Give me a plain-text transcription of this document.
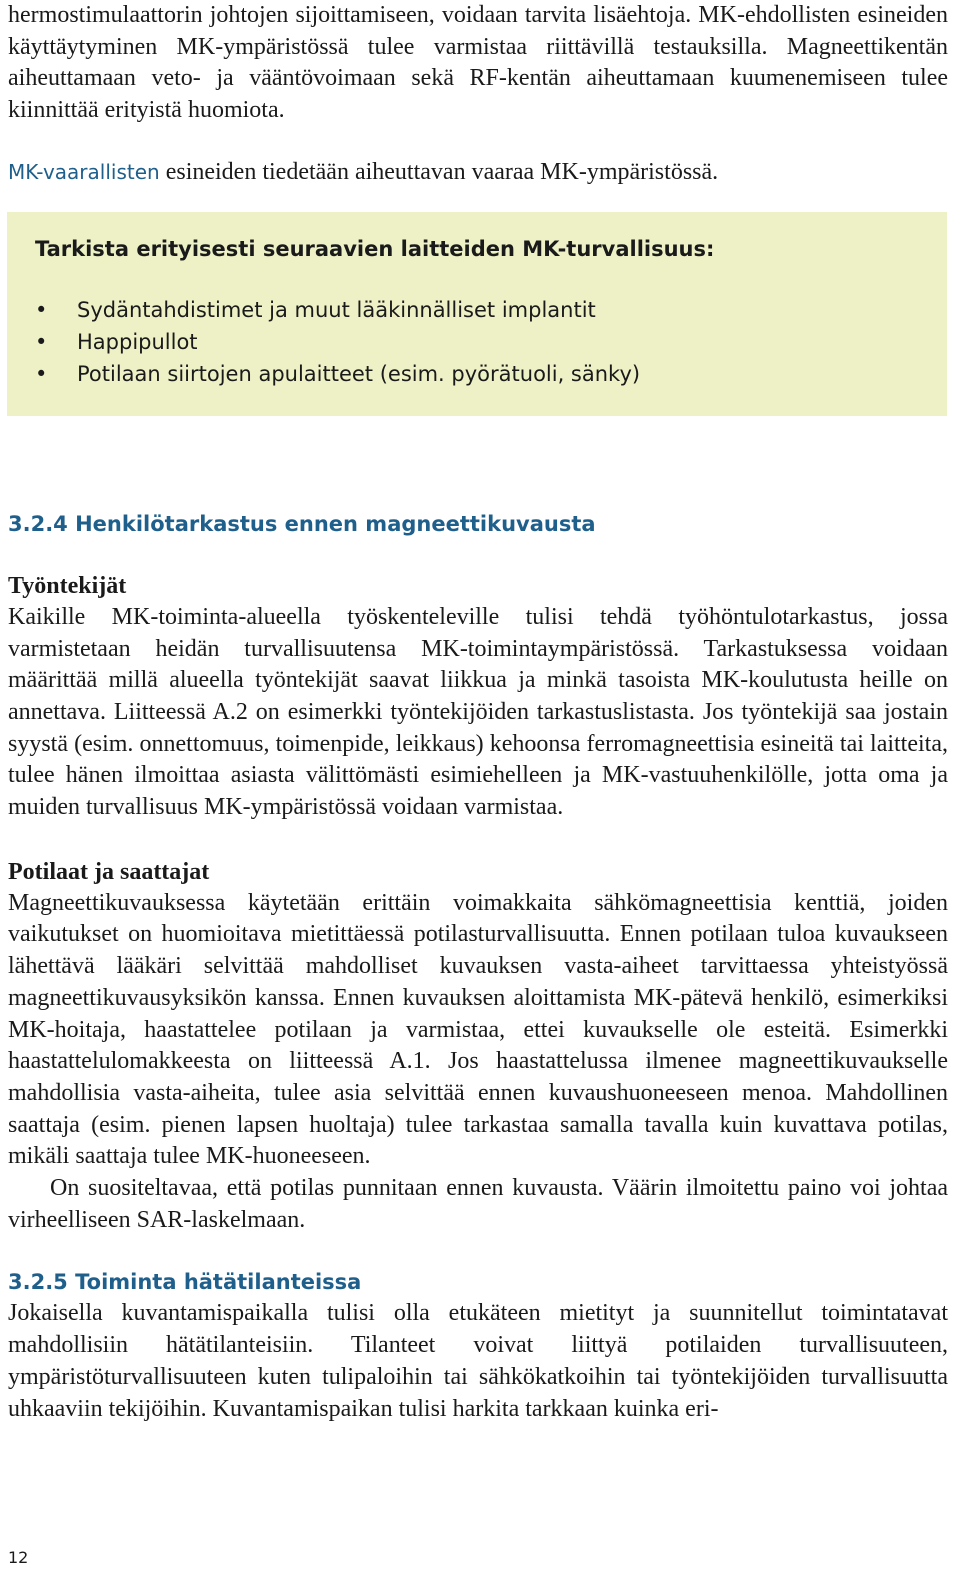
hermostimulaattorin johtojen sijoittamiseen, voidaan tarvita lisäehtoja. MK-ehdollisten esineiden käyttäytyminen MK-ympäristössä tulee varmistaa riittävillä testauksilla. Magneettikentän aiheuttamaan veto- ja vääntövoimaan sekä RF-kentän aiheuttamaan kuumenemiseen tulee kiinnittää erityistä huomiota.

MK-vaarallisten esineiden tiedetään aiheuttavan vaaraa MK-ympäristössä.

Tarkista erityisesti seuraavien laitteiden MK-turvallisuus:
• Sydäntahdistimet ja muut lääkinnälliset implantit
• Happipullot
• Potilaan siirtojen apulaitteet (esim. pyörätuoli, sänky)
3.2.4 Henkilötarkastus ennen magneettikuvausta
Työntekijät

Kaikille MK-toiminta-alueella työskenteleville tulisi tehdä työhöntulotarkastus, jossa varmistetaan heidän turvallisuutensa MK-toimintaympäristössä. Tarkastuksessa voidaan määrittää millä alueella työntekijät saavat liikkua ja minkä tasoista MK-koulutusta heille on annettava. Liitteessä A.2 on esimerkki työntekijöiden tarkastuslistasta. Jos työntekijä saa jostain syystä (esim. onnettomuus, toimenpide, leikkaus) kehoonsa ferromagneettisia esineitä tai laitteita, tulee hänen ilmoittaa asiasta välittömästi esimiehelleen ja MK-vastuuhenkilölle, jotta oma ja muiden turvallisuus MK-ympäristössä voidaan varmistaa.

Potilaat ja saattajat

Magneettikuvauksessa käytetään erittäin voimakkaita sähkömagneettisia kenttiä, joiden vaikutukset on huomioitava mietittäessä potilasturvallisuutta. Ennen potilaan tuloa kuvaukseen lähettävä lääkäri selvittää mahdolliset kuvauksen vasta-aiheet tarvittaessa yhteistyössä magneettikuvausyksikön kanssa. Ennen kuvauksen aloittamista MK-pätevä henkilö, esimerkiksi MK-hoitaja, haastattelee potilaan ja varmistaa, ettei kuvaukselle ole esteitä. Esimerkki haastattelulomakkeesta on liitteessä A.1. Jos haastattelussa ilmenee magneettikuvaukselle mahdollisia vasta-aiheita, tulee asia selvittää ennen kuvaushuoneeseen menoa. Mahdollinen saattaja (esim. pienen lapsen huoltaja) tulee tarkastaa samalla tavalla kuin kuvattava potilas, mikäli saattaja tulee MK-huoneeseen.

On suositeltavaa, että potilas punnitaan ennen kuvausta. Väärin ilmoitettu paino voi johtaa virheelliseen SAR-laskelmaan.

3.2.5 Toiminta hätätilanteissa

Jokaisella kuvantamispaikalla tulisi olla etukäteen mietityt ja suunnitellut toimintatavat mahdollisiin hätätilanteisiin. Tilanteet voivat liittyä potilaiden turvallisuuteen, ympäristöturvallisuuteen kuten tulipaloihin tai sähkökatkoihin tai työntekijöiden turvallisuutta uhkaaviin tekijöihin. Kuvantamispaikan tulisi harkita tarkkaan kuinka eri-

12
